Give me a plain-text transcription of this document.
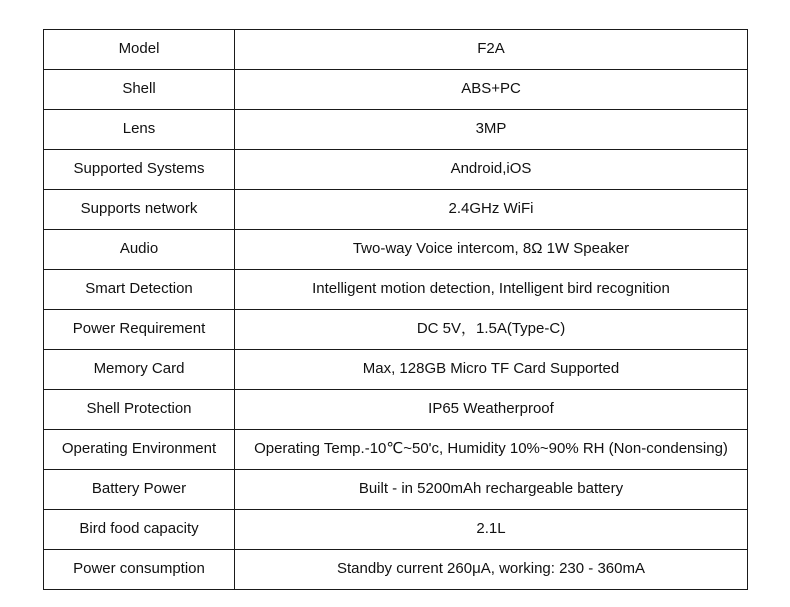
Model	F2A
Shell	ABS+PC
Lens	3MP
Supported Systems	Android,iOS
Supports network	2.4GHz WiFi
Audio	Two-way Voice intercom, 8Ω 1W Speaker
Smart Detection	Intelligent motion detection, Intelligent bird recognition
Power Requirement	DC 5V，1.5A(Type-C)
Memory Card	Max, 128GB Micro TF Card Supported
Shell Protection	IP65 Weatherproof
Operating Environment	Operating Temp.-10℃~50'c, Humidity 10%~90% RH (Non-condensing)
Battery Power	Built - in 5200mAh rechargeable battery
Bird food capacity	2.1L
Power consumption	Standby current 260μA, working: 230 - 360mA
